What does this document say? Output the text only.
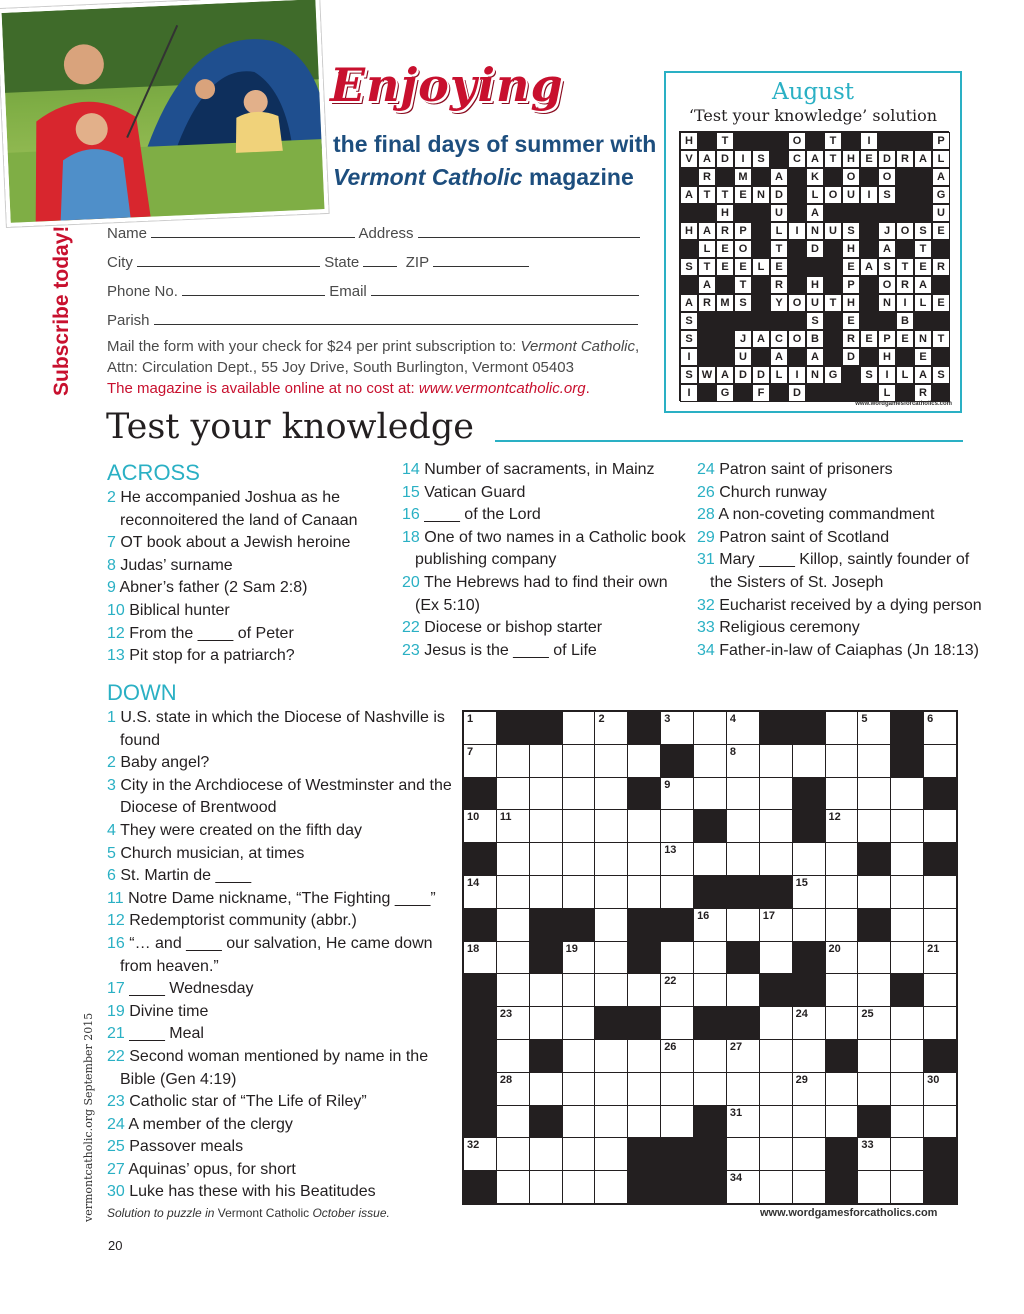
Subscribe today!
Enjoying
the final days of summer with
Vermont Catholic magazine
Name	Address
City	State	ZIP
Phone No.	Email
Parish
Mail the form with your check for $24 per print subscription to: Vermont Catholic,
Attn: Circulation Dept., 55 Joy Drive, South Burlington, Vermont 05403
The magazine is available online at no cost at: www.vermontcatholic.org.
August
‘Test your knowledge’ solution
H	T	O	T	I	P
V A D	I	S	C A T H E D R A L
R	M	A	K	O	O	A
A T	T E N D	L O U	I	S	G
H	U	A	U
H A R P	L	I	N U S	J O S E
L E O	T	D	H	A	T
S T E E L E	E A S T E R
A	T	R	H	P	O R A
A R M S	Y O U T H	N	I	L E
S	S	E	B
S	J A C O B	R E P E N T
I	U	A	A	D	H	E
S W A D D L	I	N G	S	I	L A S
I	G	F	D	L	R
www.wordgamesforcatholics.com
Test your knowledge
ACROSS
2 He accompanied Joshua as he reconnoitered the land of Canaan
7 OT book about a Jewish heroine
8 Judas’ surname
9 Abner’s father (2 Sam 2:8)
10 Biblical hunter
12 From the ____ of Peter
13 Pit stop for a patriarch?
14 Number of sacraments, in Mainz
15 Vatican Guard
16 ____ of the Lord
18 One of two names in a Catholic book publishing company
20 The Hebrews had to find their own (Ex 5:10)
22 Diocese or bishop starter
23 Jesus is the ____ of Life
24 Patron saint of prisoners
26 Church runway
28 A non-coveting commandment
29 Patron saint of Scotland
31 Mary ____ Killop, saintly founder of the Sisters of St. Joseph
32 Eucharist received by a dying person
33 Religious ceremony
34 Father-in-law of Caiaphas (Jn 18:13)
DOWN
1 U.S. state in which the Diocese of Nashville is found
2 Baby angel?
3 City in the Archdiocese of Westminster and the Diocese of Brentwood
4 They were created on the fifth day
5 Church musician, at times
6 St. Martin de ____
11 Notre Dame nickname, “The Fighting ____”
12 Redemptorist community (abbr.)
16 “… and ____ our salvation, He came down from heaven.”
17 ____ Wednesday
19 Divine time
21 ____ Meal
22 Second woman mentioned by name in the Bible (Gen 4:19)
23 Catholic star of “The Life of Riley”
24 A member of the clergy
25 Passover meals
27 Aquinas’ opus, for short
30 Luke has these with his Beatitudes
1	2	3	4	5	6
7	8
9
10 11	12
13
14	15
16	17
18	19	20	21
22
23	24	25
26	27
28	29	30
31
32	33
34
www.wordgamesforcatholics.com
Solution to puzzle in Vermont Catholic October issue.
vermontcatholic.org September 2015
20
